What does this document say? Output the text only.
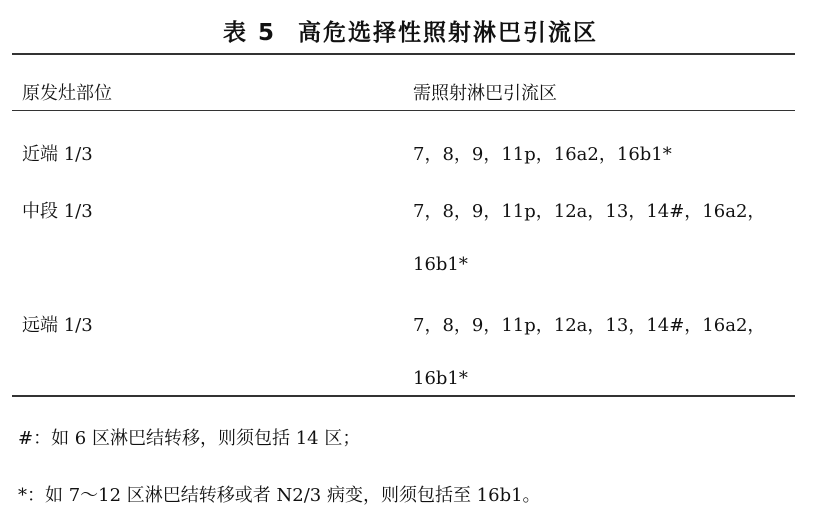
表 5 高危选择性照射淋巴引流区
原发灶部位	需照射淋巴引流区
近端 1/3	7，8，9，11p，16a2，16b1*
中段 1/3	7，8，9，11p，12a，13，14#，16a2，
16b1*
远端 1/3	7，8，9，11p，12a，13，14#，16a2，
16b1*
#：如 6 区淋巴结转移，则须包括 14 区；
*：如 7～12 区淋巴结转移或者 N2/3 病变，则须包括至 16b1。
